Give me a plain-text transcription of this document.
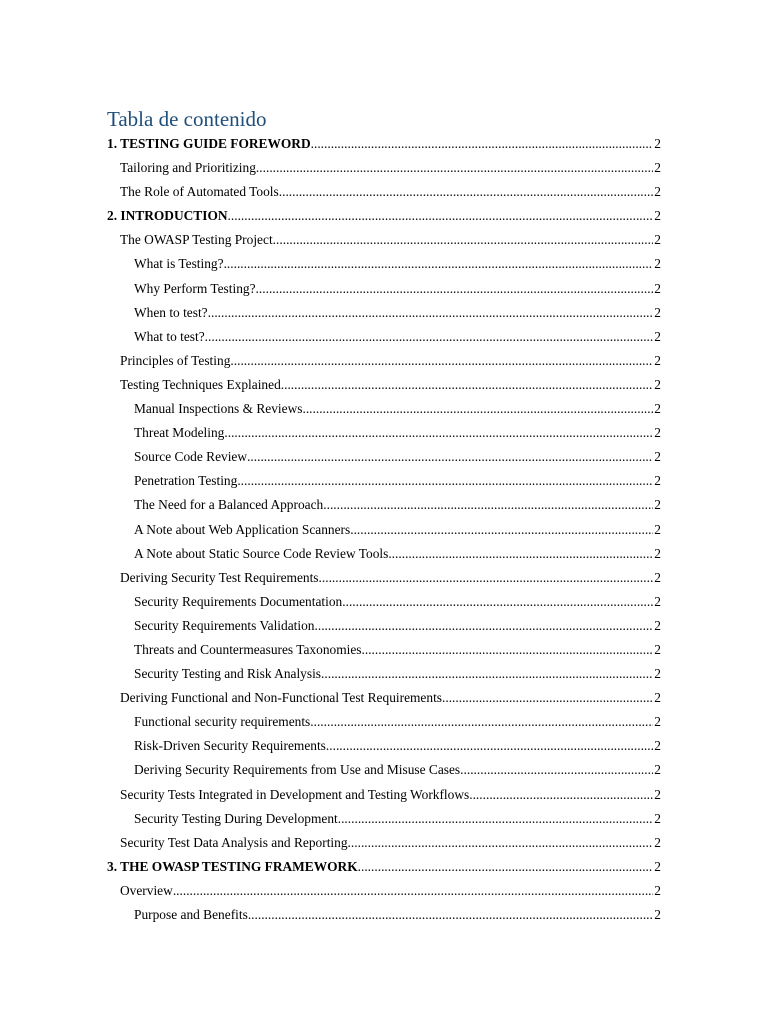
Tabla de contenido
1. TESTING GUIDE FOREWORD .....	2
Tailoring and Prioritizing .....	2
The Role of Automated Tools .....	2
2. INTRODUCTION .....	2
The OWASP Testing Project .....	2
What is Testing? .....	2
Why Perform Testing? .....	2
When to test? .....	2
What to test? .....	2
Principles of Testing .....	2
Testing Techniques Explained .....	2
Manual Inspections & Reviews .....	2
Threat Modeling .....	2
Source Code Review .....	2
Penetration Testing .....	2
The Need for a Balanced Approach .....	2
A Note about Web Application Scanners .....	2
A Note about Static Source Code Review Tools .....	2
Deriving Security Test Requirements .....	2
Security Requirements Documentation .....	2
Security Requirements Validation .....	2
Threats and Countermeasures Taxonomies .....	2
Security Testing and Risk Analysis .....	2
Deriving Functional and Non-Functional Test Requirements .....	2
Functional security requirements .....	2
Risk-Driven Security Requirements .....	2
Deriving Security Requirements from Use and Misuse Cases .....	2
Security Tests Integrated in Development and Testing Workflows .....	2
Security Testing During Development .....	2
Security Test Data Analysis and Reporting .....	2
3. THE OWASP TESTING FRAMEWORK .....	2
Overview .....	2
Purpose and Benefits .....	2
